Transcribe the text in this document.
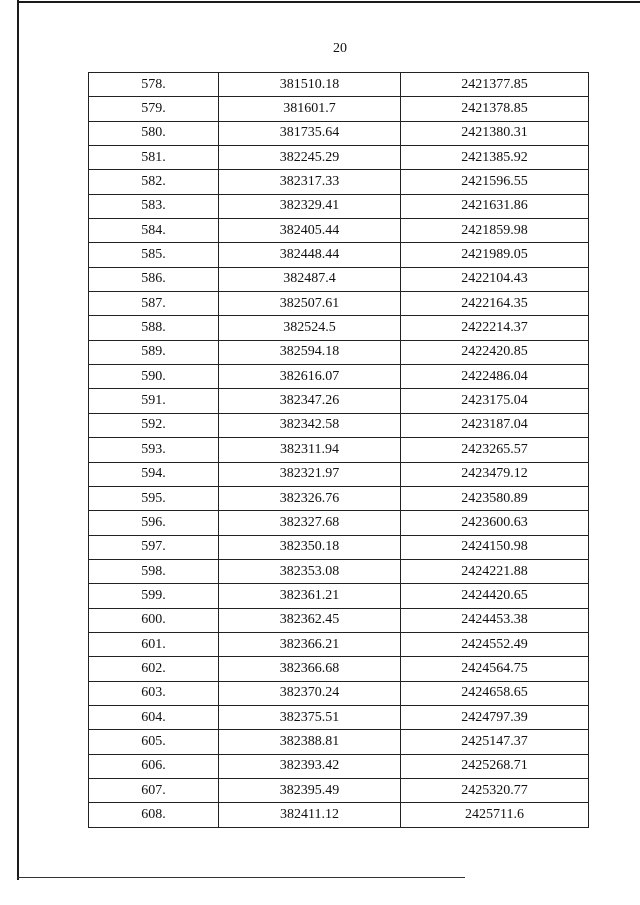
20
578.	381510.18	2421377.85
579.	381601.7	2421378.85
580.	381735.64	2421380.31
581.	382245.29	2421385.92
582.	382317.33	2421596.55
583.	382329.41	2421631.86
584.	382405.44	2421859.98
585.	382448.44	2421989.05
586.	382487.4	2422104.43
587.	382507.61	2422164.35
588.	382524.5	2422214.37
589.	382594.18	2422420.85
590.	382616.07	2422486.04
591.	382347.26	2423175.04
592.	382342.58	2423187.04
593.	382311.94	2423265.57
594.	382321.97	2423479.12
595.	382326.76	2423580.89
596.	382327.68	2423600.63
597.	382350.18	2424150.98
598.	382353.08	2424221.88
599.	382361.21	2424420.65
600.	382362.45	2424453.38
601.	382366.21	2424552.49
602.	382366.68	2424564.75
603.	382370.24	2424658.65
604.	382375.51	2424797.39
605.	382388.81	2425147.37
606.	382393.42	2425268.71
607.	382395.49	2425320.77
608.	382411.12	2425711.6
